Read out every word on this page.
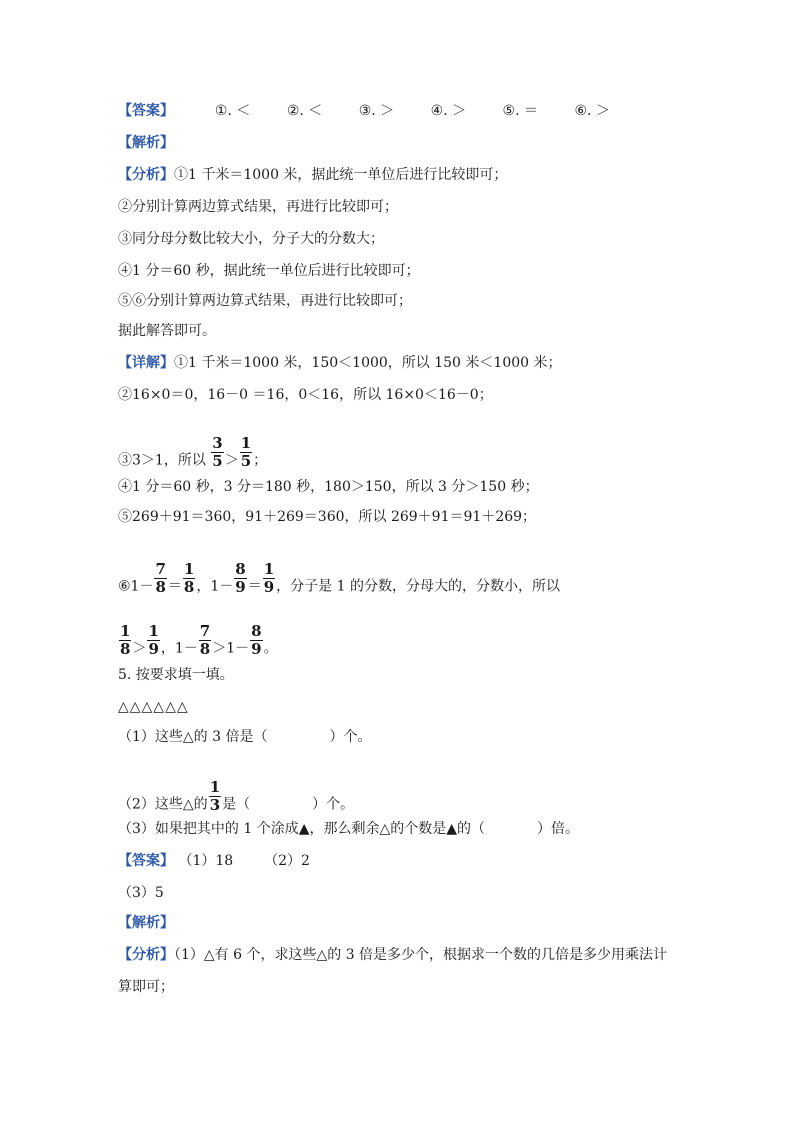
【答案】	①. ＜	②. ＜	③. ＞	④. ＞	⑤. ＝	⑥. ＞
【解析】
【分析】①1 千米＝1000 米，据此统一单位后进行比较即可；
②分别计算两边算式结果，再进行比较即可；
③同分母分数比较大小，分子大的分数大；
④1 分＝60 秒，据此统一单位后进行比较即可；
⑤⑥分别计算两边算式结果，再进行比较即可；
据此解答即可。
【详解】①1 千米＝1000 米，150＜1000，所以 150 米＜1000 米；
②16×0＝0，16－0 ＝16，0＜16，所以 16×0＜16－0；
③3＞1，所以 $\frac{3}{5} > \frac{1}{5}$ ；
④1 分＝60 秒，3 分＝180 秒，180＞150，所以 3 分＞150 秒；
⑤269＋91＝360，91＋269＝360，所以 269＋91＝91＋269；
⑥1－ $\frac{7}{8} = \frac{1}{8}$ ，$1- \frac{8}{9} = \frac{1}{9}$ ，分子是 1 的分数，分母大的，分数小，所以
$\frac{1}{8} > \frac{1}{9}$ ，$1- \frac{7}{8} >1- \frac{8}{9}$ 。
5. 按要求填一填。
△△△△△△
（1）这些△的 3 倍是（	）个。
（2）这些△的 $\frac{1}{3}$ 是（	）个。
（3）如果把其中的 1 个涂成▲，那么剩余△的个数是▲的（	）倍。
【答案】 （1）18 （2）2
（3）5
【解析】
【分析】（1）△有 6 个，求这些△的 3 倍是多少个，根据求一个数的几倍是多少用乘法计
算即可；
